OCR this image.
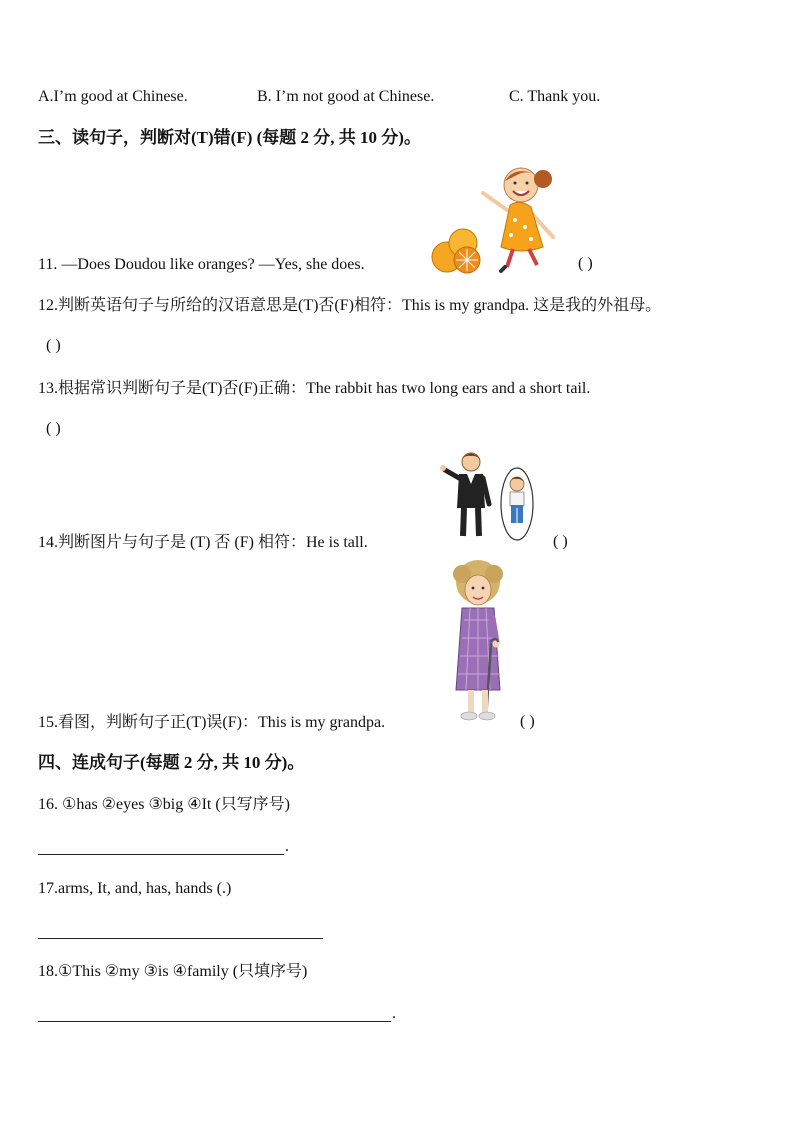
A.I’m good at Chinese.	B. I’m not good at Chinese.	C. Thank you.
三、读句子，判断对(T)错(F) (每题 2 分, 共 10 分)。
11. —Does Doudou like oranges? —Yes, she does.	( )
12.判断英语句子与所给的汉语意思是(T)否(F)相符：This is my grandpa. 这是我的外祖母。
( )
13.根据常识判断句子是(T)否(F)正确：The rabbit has two long ears and a short tail.
( )
14.判断图片与句子是 (T) 否 (F) 相符：He is tall.	( )
15.看图，判断句子正(T)误(F)：This is my grandpa.	( )
四、连成句子(每题 2 分, 共 10 分)。
16. ①has ②eyes ③big ④It (只写序号)
.
17.arms, It, and, has, hands (.)
18.①This ②my ③is ④family (只填序号)
.
